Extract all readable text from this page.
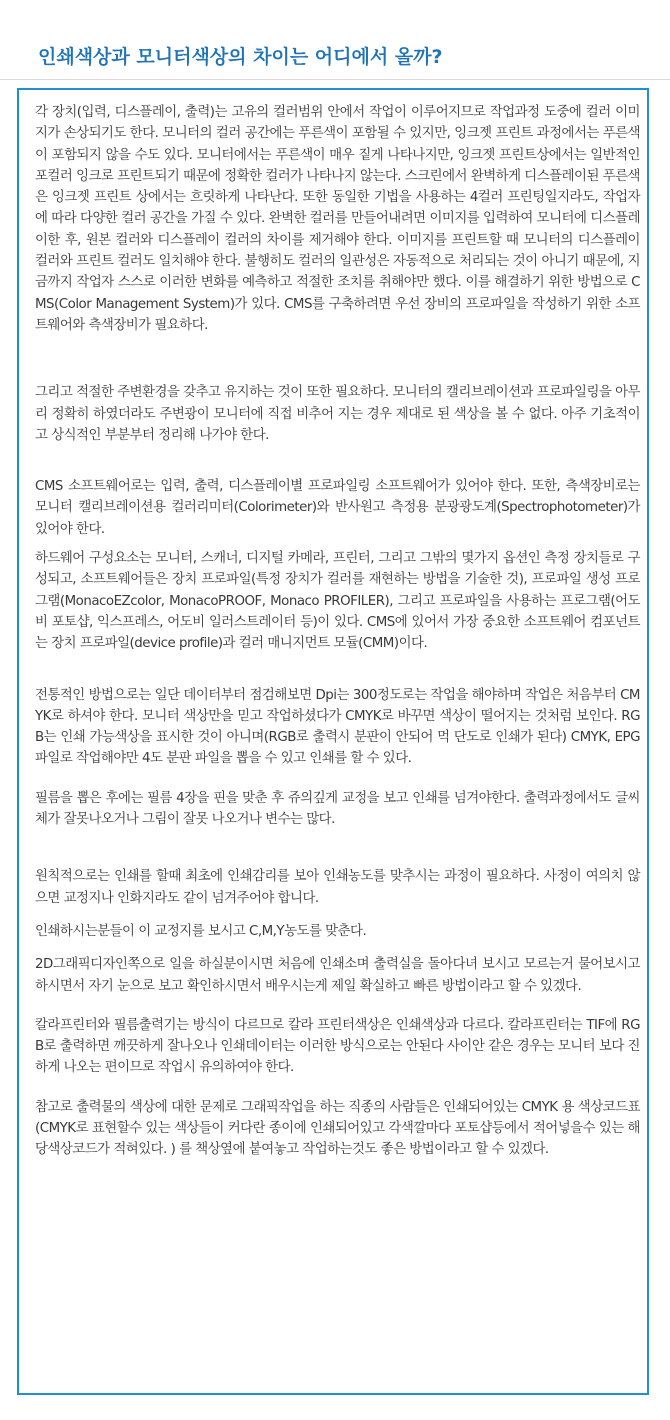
인쇄색상과 모니터색상의 차이는 어디에서 올까?

각 장치(입력, 디스플레이, 출력)는 고유의 컬러범위 안에서 작업이 이루어지므로 작업과정 도중에 컬러 이미지가 손상되기도 한다. 모니터의 컬러 공간에는 푸른색이 포함될 수 있지만, 잉크젯 프린트 과정에서는 푸른색이 포함되지 않을 수도 있다. 모니터에서는 푸른색이 매우 짙게 나타나지만, 잉크젯 프린트상에서는 일반적인 포컬러 잉크로 프린트되기 때문에 정확한 컬러가 나타나지 않는다. 스크린에서 완벽하게 디스플레이된 푸른색은 잉크젯 프린트 상에서는 흐릿하게 나타난다. 또한 동일한 기법을 사용하는 4컬러 프린팅일지라도, 작업자에 따라 다양한 컬러 공간을 가질 수 있다. 완벽한 컬러를 만들어내려면 이미지를 입력하여 모니터에 디스플레이한 후, 원본 컬러와 디스플레이 컬러의 차이를 제거해야 한다. 이미지를 프린트할 때 모니터의 디스플레이 컬러와 프린트 컬러도 일치해야 한다. 불행히도 컬러의 일관성은 자동적으로 처리되는 것이 아니기 때문에, 지금까지 작업자 스스로 이러한 변화를 예측하고 적절한 조치를 취해야만 했다. 이를 해결하기 위한 방법으로 CMS(Color Management System)가 있다. CMS를 구축하려면 우선 장비의 프로파일을 작성하기 위한 소프트웨어와 측색장비가 필요하다.

그리고 적절한 주변환경을 갖추고 유지하는 것이 또한 필요하다. 모니터의 캘리브레이션과 프로파일링을 아무리 정확히 하였더라도 주변광이 모니터에 직접 비추어 지는 경우 제대로 된 색상을 볼 수 없다. 아주 기초적이고 상식적인 부분부터 정리해 나가야 한다.

CMS 소프트웨어로는 입력, 출력, 디스플레이별 프로파일링 소프트웨어가 있어야 한다. 또한, 측색장비로는 모니터 캘리브레이션용 컬러리미터(Colorimeter)와 반사원고 측정용 분광광도계(Spectrophotometer)가 있어야 한다.

하드웨어 구성요소는 모니터, 스캐너, 디지털 카메라, 프린터, 그리고 그밖의 몇가지 옵션인 측정 장치들로 구성되고, 소프트웨어들은 장치 프로파일(특정 장치가 컬러를 재현하는 방법을 기술한 것), 프로파일 생성 프로그램(MonacoEZcolor, MonacoPROOF, Monaco PROFILER), 그리고 프로파일을 사용하는 프로그램(어도비 포토샵, 익스프레스, 어도비 일러스트레이터 등)이 있다. CMS에 있어서 가장 중요한 소프트웨어 컴포넌트는 장치 프로파일(device profile)과 컬러 매니지먼트 모듈(CMM)이다.

전통적인 방법으로는 일단 데이터부터 점검해보면 Dpi는 300정도로는 작업을 해야하며 작업은 처음부터 CMYK로 하셔야 한다. 모니터 색상만을 믿고 작업하셨다가 CMYK로 바꾸면 색상이 떨어지는 것처럼 보인다. RGB는 인쇄 가능색상을 표시한 것이 아니며(RGB로 출력시 분판이 안되어 먹 단도로 인쇄가 된다) CMYK, EPG파일로 작업해야만 4도 분판 파일을 뽑을 수 있고 인쇄를 할 수 있다.

필름을 뽑은 후에는 필름 4장을 핀을 맞춘 후 쥬의깊게 교정을 보고 인쇄를 넘겨야한다. 출력과정에서도 글씨체가 잘못나오거나 그림이 잘못 나오거나 변수는 많다.

원칙적으로는 인쇄를 할때 최초에 인쇄감리를 보아 인쇄농도를 맞추시는 과정이 필요하다. 사정이 여의치 않으면 교정지나 인화지라도 같이 넘겨주어야 합니다.

인쇄하시는분들이 이 교정지를 보시고 C,M,Y농도를 맞춘다.

2D그래픽디자인쪽으로 일을 하실분이시면 처음에 인쇄소며 출력실을 돌아다녀 보시고 모르는거 물어보시고 하시면서 자기 눈으로 보고 확인하시면서 배우시는게 제일 확실하고 빠른 방법이라고 할 수 있겠다.

칼라프린터와 필름출력기는 방식이 다르므로 칼라 프린터색상은 인쇄색상과 다르다. 칼라프린터는 TIF에 RGB로 출력하면 깨끗하게 잘나오나 인쇄데이터는 이러한 방식으로는 안된다 사이안 같은 경우는 모니터 보다 진하게 나오는 편이므로 작업시 유의하여야 한다.

참고로 출력물의 색상에 대한 문제로 그래픽작업을 하는 직종의 사람들은 인쇄되어있는 CMYK 용 색상코드표 (CMYK로 표현할수 있는 색상들이 커다란 종이에 인쇄되어있고 각색깔마다 포토샵등에서 적어넣을수 있는 해당색상코드가 적혀있다. ) 를 책상옆에 붙여놓고 작업하는것도 좋은 방법이라고 할 수 있겠다.
